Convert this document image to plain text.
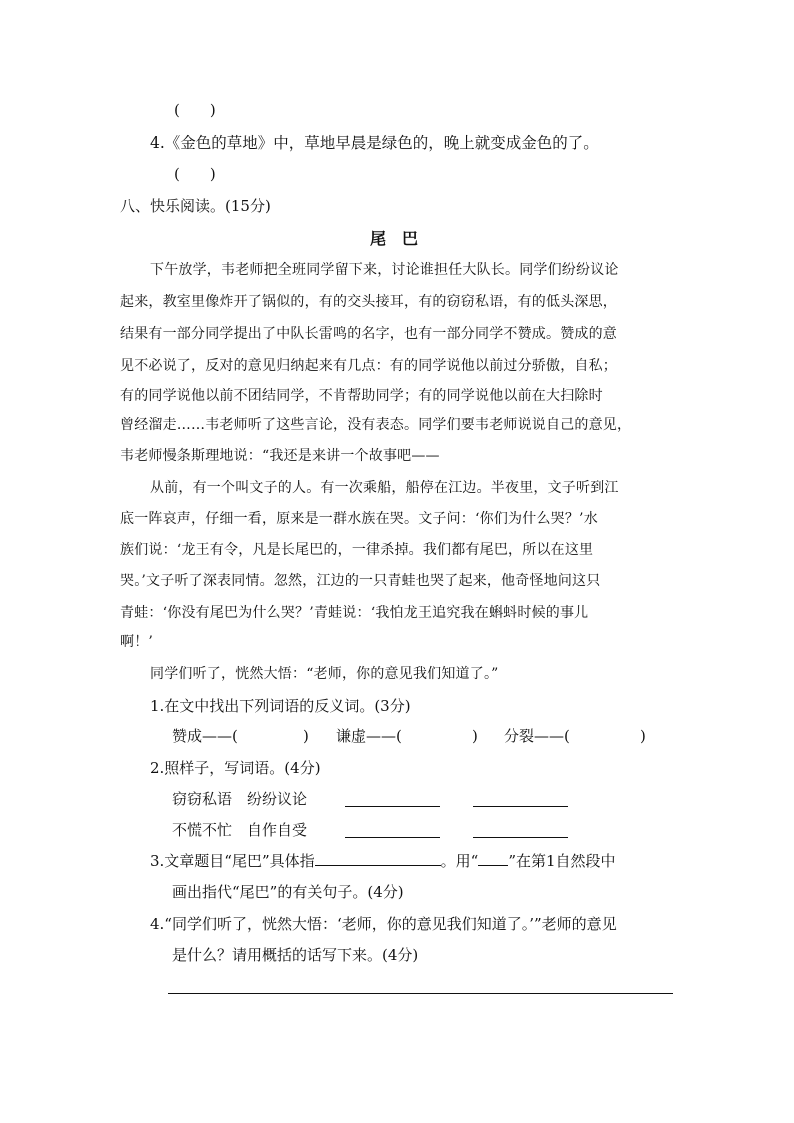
(　　)
4.《金色的草地》中，草地早晨是绿色的，晚上就变成金色的了。
(　　)
八、快乐阅读。(15分)
尾　巴
下午放学，韦老师把全班同学留下来，讨论谁担任大队长。同学们纷纷议论
起来，教室里像炸开了锅似的，有的交头接耳，有的窃窃私语，有的低头深思，
结果有一部分同学提出了中队长雷鸣的名字，也有一部分同学不赞成。赞成的意
见不必说了，反对的意见归纳起来有几点：有的同学说他以前过分骄傲，自私；
有的同学说他以前不团结同学，不肯帮助同学；有的同学说他以前在大扫除时
曾经溜走……韦老师听了这些言论，没有表态。同学们要韦老师说说自己的意见，
韦老师慢条斯理地说：“我还是来讲一个故事吧——
从前，有一个叫文子的人。有一次乘船，船停在江边。半夜里，文子听到江
底一阵哀声，仔细一看，原来是一群水族在哭。文子问：‘你们为什么哭？’水
族们说：‘龙王有令，凡是长尾巴的，一律杀掉。我们都有尾巴，所以在这里
哭。’文子听了深表同情。忽然，江边的一只青蛙也哭了起来，他奇怪地问这只
青蛙：‘你没有尾巴为什么哭？’青蛙说：‘我怕龙王追究我在蝌蚪时候的事儿
啊！’
同学们听了，恍然大悟：“老师，你的意见我们知道了。”
1.在文中找出下列词语的反义词。(3分)
赞成——(	) 谦虚——(	) 分裂——(	)
2.照样子，写词语。(4分)
窃窃私语　纷纷议论
不慌不忙　自作自受
3.文章题目“尾巴”具体指	。用“ ”在第1自然段中
画出指代“尾巴”的有关句子。(4分)
4.“同学们听了，恍然大悟：‘老师，你的意见我们知道了。’”老师的意见
是什么？请用概括的话写下来。(4分)
